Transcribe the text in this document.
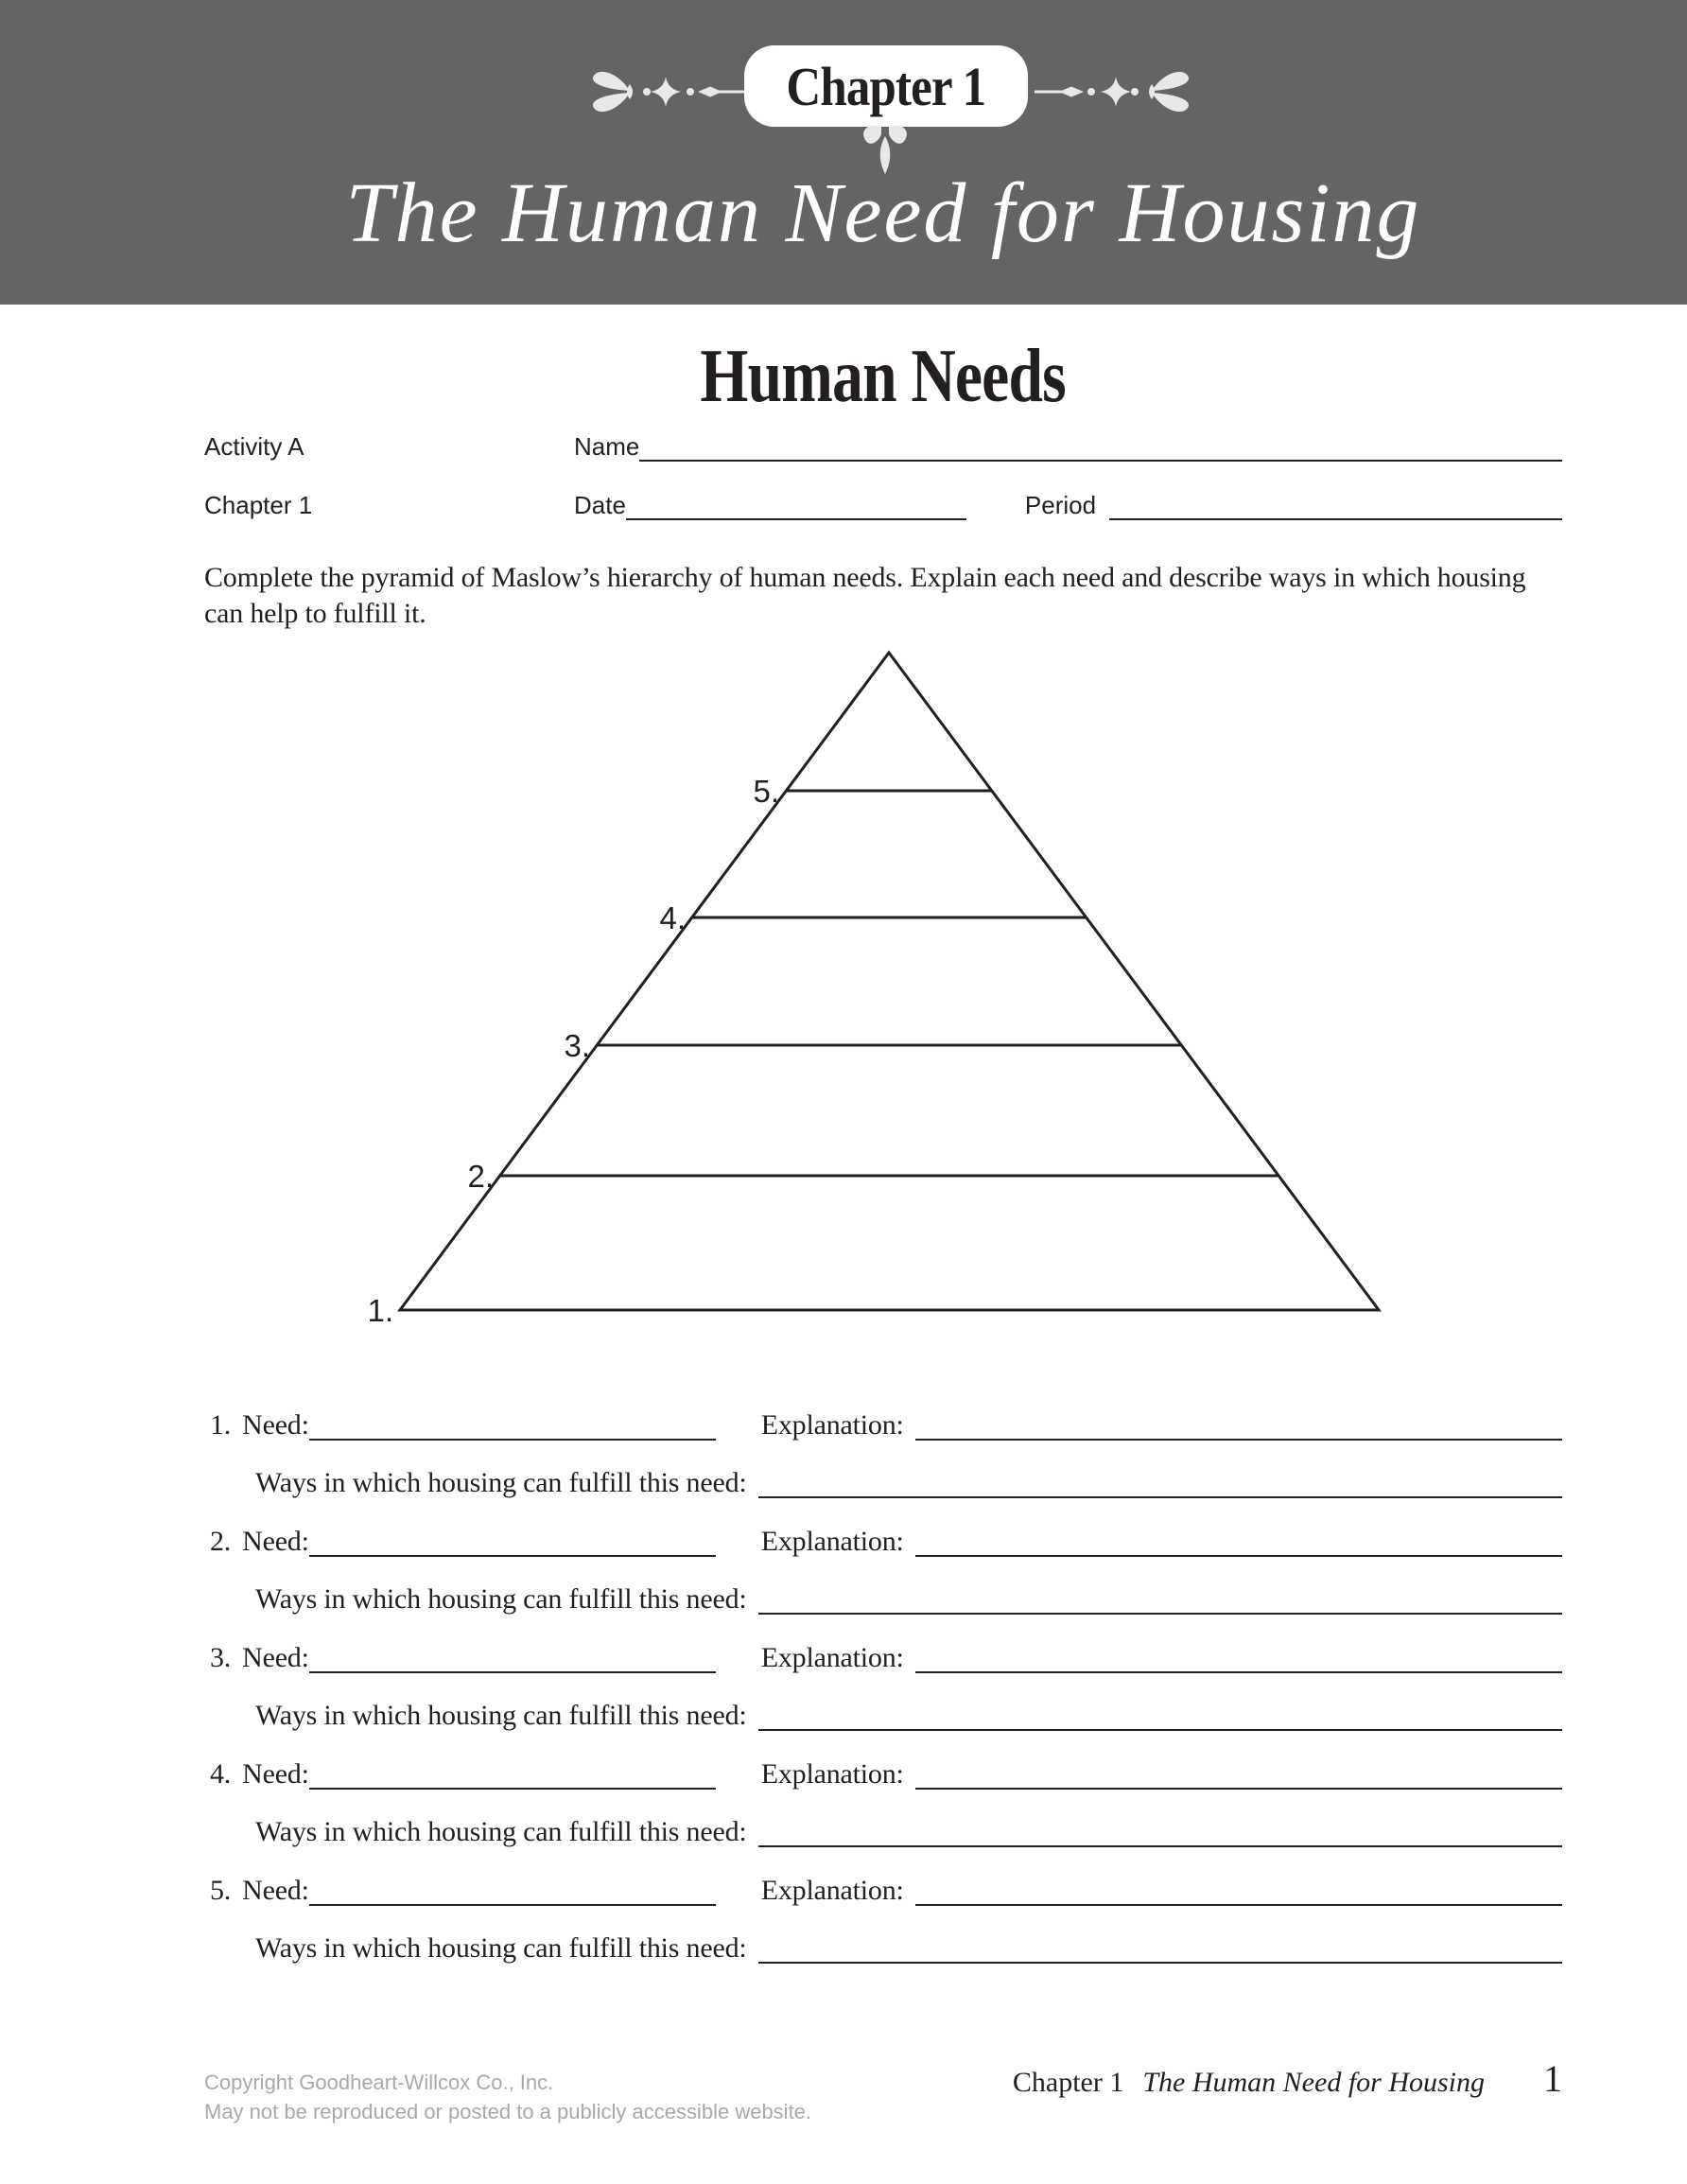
Chapter 1
The Human Need for Housing
Human Needs
Activity A	Name
Chapter 1	Date	Period
Complete the pyramid of Maslow’s hierarchy of human needs. Explain each need and describe ways in which housing can help to fulfill it.
5.
4.
3.
2.
1.
1. Need:	Explanation:
Ways in which housing can fulfill this need:
2. Need:	Explanation:
Ways in which housing can fulfill this need:
3. Need:	Explanation:
Ways in which housing can fulfill this need:
4. Need:	Explanation:
Ways in which housing can fulfill this need:
5. Need:	Explanation:
Ways in which housing can fulfill this need:
Copyright Goodheart-Willcox Co., Inc.
May not be reproduced or posted to a publicly accessible website.
Chapter 1 The Human Need for Housing 1
